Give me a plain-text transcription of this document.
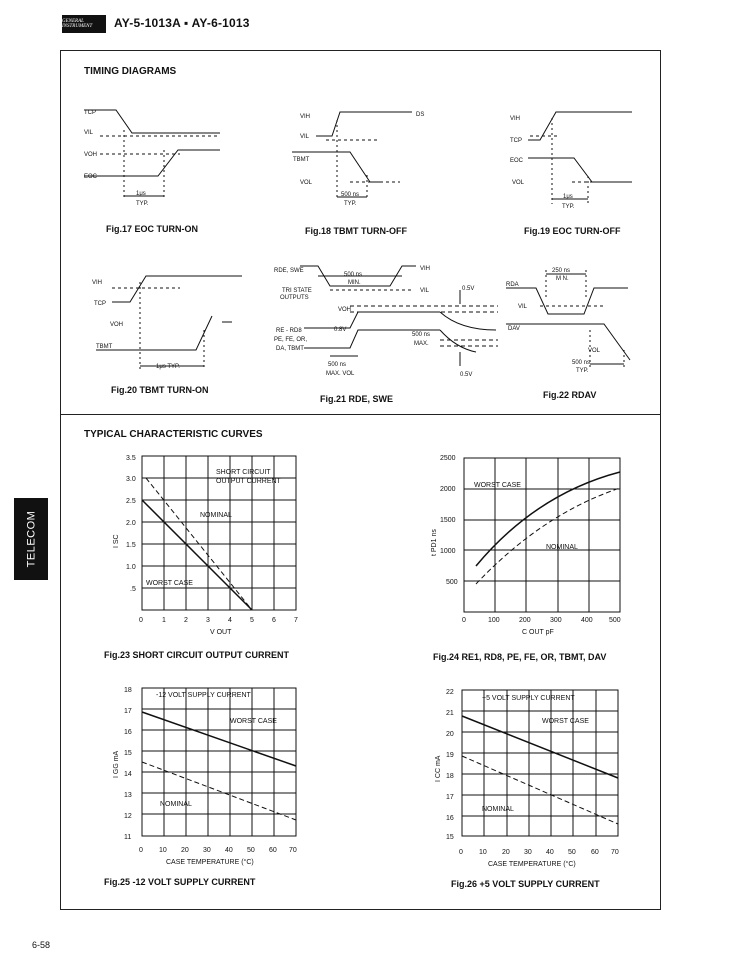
GENERAL INSTRUMENT	AY-5-1013A ▪ AY-6-1013
TELECOM
6-58
TIMING DIAGRAMS
TYPICAL CHARACTERISTIC CURVES
Fig.17 EOC TURN-ON	Fig.18 TBMT TURN-OFF	Fig.19 EOC TURN-OFF
Fig.20 TBMT TURN-ON
Fig.21 RDE, SWE	Fig.22 RDAV
Fig.23 SHORT CIRCUIT OUTPUT CURRENT	Fig.24 RE1, RD8, PE, FE, OR, TBMT, DAV
Fig.25 -12 VOLT SUPPLY CURRENT	Fig.26 +5 VOLT SUPPLY CURRENT
TCP
VIL
VOH
EOC
1μs
TYP.
VIH
VIL
TBMT
VOL
DS
500 ns
TYP.
VIH
TCP
EOC
VOL
1μs
TYP.
VIH
TCP
VOH
TBMT
1μs TYP.
RDE, SWE
TRI STATE
OUTPUTS
RE - RD8
PE, FE, OR,
DA, TBMT
VIH
VIL
VOH
0.8V
0.5V
0.5V
500 ns
MIN.
500 ns
MAX. VOL
500 ns
MAX.
RDA
VIL
DAV
VOL
250 ns
M N.
500 ns
TYP.
3.5
3.0
2.5
2.0
1.5
1.0
.5
0	1	2	3	4	5	6	7
V OUT
I SC
SHORT CIRCUIT
OUTPUT CURRENT
NOMINAL
WORST CASE
2500
2000
1500
1000
500
0	100	200	300	400 500
C OUT pF
t PD1 ns
WORST CASE
NOMINAL
18
17
16
15
14
13
12
11
0 10 20 30 40 50 60 70
CASE TEMPERATURE (°C)
I GG mA
-12 VOLT SUPPLY CURRENT
WORST CASE
NOMINAL
22
21
20
19
18
17
16
15
0 10 20 30 40 50 60 70
CASE TEMPERATURE (°C)
I CC mA
+5 VOLT SUPPLY CURRENT
WORST CASE
NOMINAL
